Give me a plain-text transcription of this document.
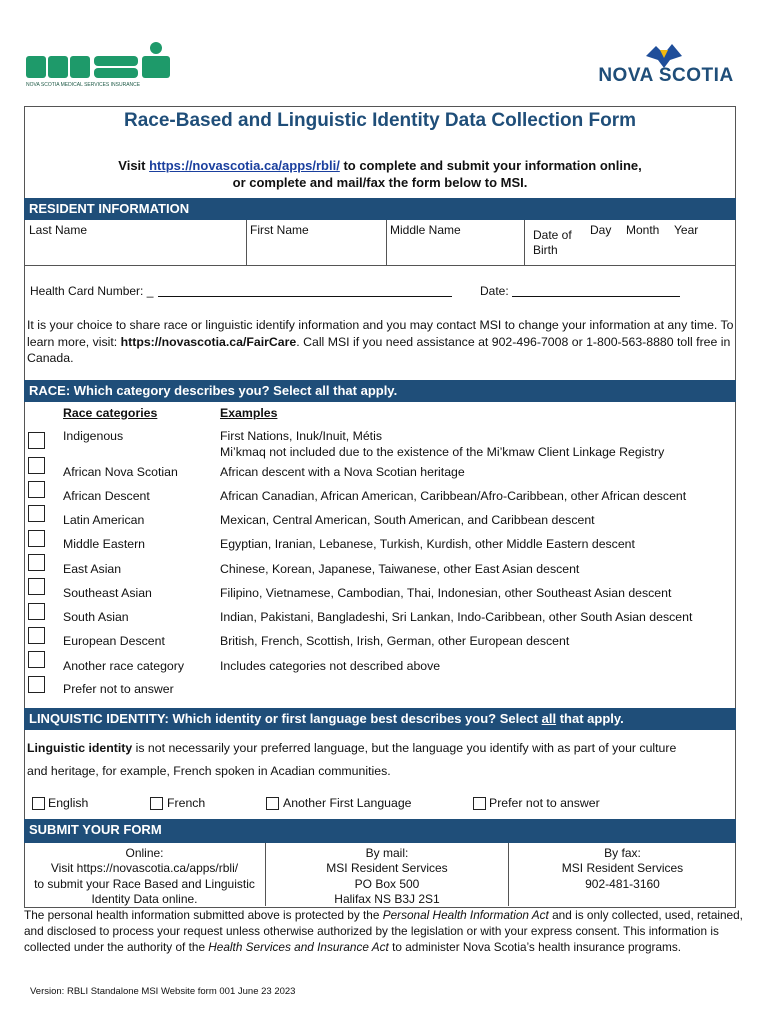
NOVA SCOTIA MEDICAL SERVICES INSURANCE	NOVA SCOTIA
Race-Based and Linguistic Identity Data Collection Form
Visit https://novascotia.ca/apps/rbli/ to complete and submit your information online,
or complete and mail/fax the form below to MSI.
RESIDENT INFORMATION
Last Name	First Name	Middle Name	Date of Birth
Day Month Year
Health Card Number: _	Date:
It is your choice to share race or linguistic identify information and you may contact MSI to change your information at any time. To learn more, visit: https://novascotia.ca/FairCare. Call MSI if you need assistance at 902-496-7008 or 1-800-563-8880 toll free in Canada.
RACE: Which category describes you? Select all that apply.
Race categories	Examples
Indigenous	First Nations, Inuk/Inuit, Métis
Mi’kmaq not included due to the existence of the Mi’kmaw Client Linkage Registry
African Nova Scotian	African descent with a Nova Scotian heritage
African Descent	African Canadian, African American, Caribbean/Afro-Caribbean, other African descent
Latin American	Mexican, Central American, South American, and Caribbean descent
Middle Eastern	Egyptian, Iranian, Lebanese, Turkish, Kurdish, other Middle Eastern descent
East Asian	Chinese, Korean, Japanese, Taiwanese, other East Asian descent
Southeast Asian	Filipino, Vietnamese, Cambodian, Thai, Indonesian, other Southeast Asian descent
South Asian	Indian, Pakistani, Bangladeshi, Sri Lankan, Indo-Caribbean, other South Asian descent
European Descent	British, French, Scottish, Irish, German, other European descent
Another race category	Includes categories not described above
Prefer not to answer
LINQUISTIC IDENTITY: Which identity or first language best describes you? Select all that apply.
Linguistic identity is not necessarily your preferred language, but the language you identify with as part of your culture
and heritage, for example, French spoken in Acadian communities.
English	French	Another First Language	Prefer not to answer
SUBMIT YOUR FORM
Online:
Visit https://novascotia.ca/apps/rbli/
to submit your Race Based and Linguistic
Identity Data online.
By mail:
MSI Resident Services
PO Box 500
Halifax NS B3J 2S1
By fax:
MSI Resident Services
902-481-3160
The personal health information submitted above is protected by the Personal Health Information Act and is only collected, used, retained, and disclosed to process your request unless otherwise authorized by the legislation or with your express consent. This information is collected under the authority of the Health Services and Insurance Act to administer Nova Scotia’s health insurance programs.
Version: RBLI Standalone MSI Website form 001 June 23 2023
